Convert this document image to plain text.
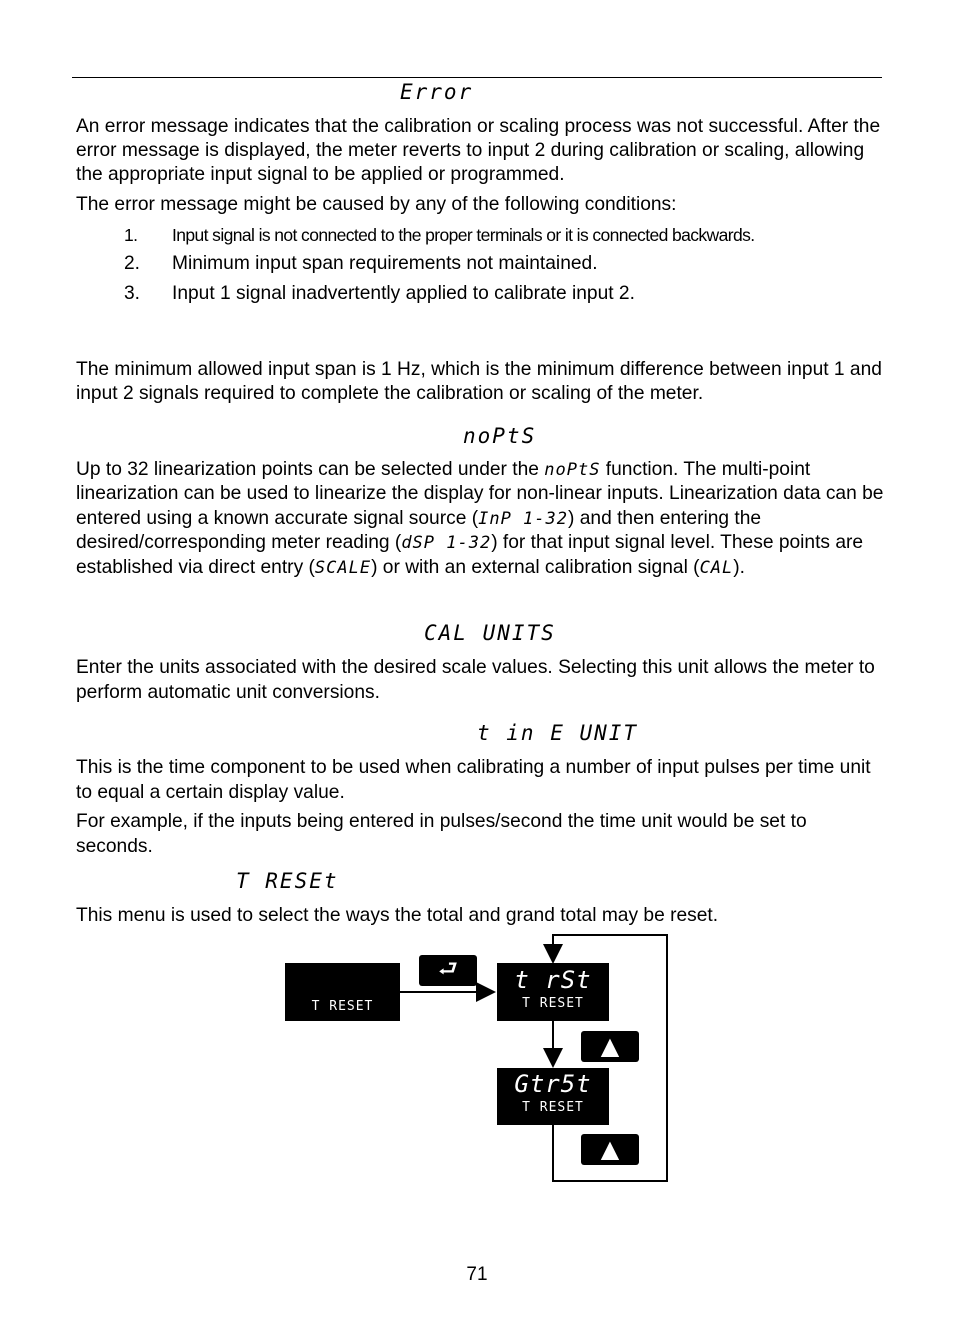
Error

An error message indicates that the calibration or scaling process was not successful. After the error message is displayed, the meter reverts to input 2 during calibration or scaling, allowing the appropriate input signal to be applied or programmed.

The error message might be caused by any of the following conditions:

1. Input signal is not connected to the proper terminals or it is connected backwards.
2. Minimum input span requirements not maintained.
3. Input 1 signal inadvertently applied to calibrate input 2.

The minimum allowed input span is 1 Hz, which is the minimum difference between input 1 and input 2 signals required to complete the calibration or scaling of the meter.

noPtS

Up to 32 linearization points can be selected under the noPtS function. The multi-point linearization can be used to linearize the display for non-linear inputs. Linearization data can be entered using a known accurate signal source (InP 1-32) and then entering the desired/corresponding meter reading (dSP 1-32) for that input signal level. These points are established via direct entry (SCALE) or with an external calibration signal (CAL).

CAL UNITS

Enter the units associated with the desired scale values. Selecting this unit allows the meter to perform automatic unit conversions.

t in E UNIT

This is the time component to be used when calibrating a number of input pulses per time unit to equal a certain display value.

For example, if the inputs being entered in pulses/second the time unit would be set to seconds.

T RESEt

This menu is used to select the ways the total and grand total may be reset.

T RESET
⮐	t rSt
T RESET
▲
Gtr5t
T RESET
▲
71
